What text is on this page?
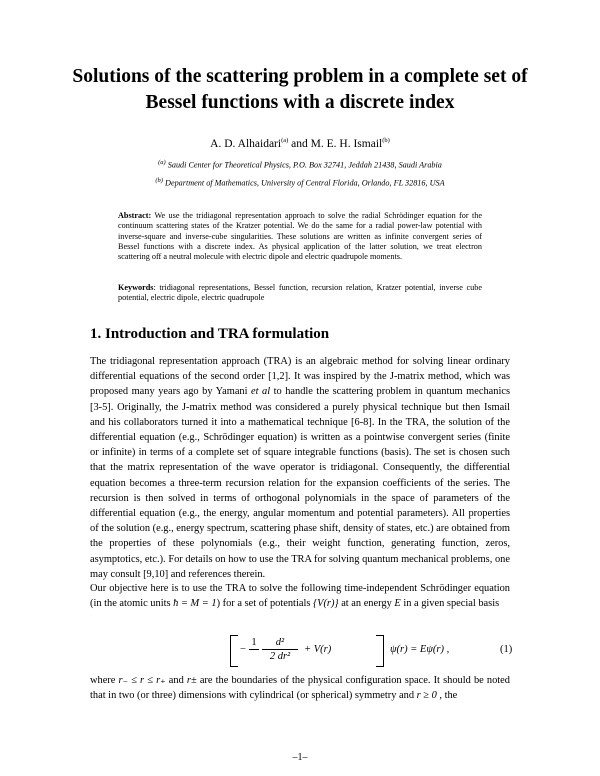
Solutions of the scattering problem in a complete set of Bessel functions with a discrete index
A. D. Alhaidari$^{(a)}$ and M. E. H. Ismail$^{(b)}$
$^{(a)}$ Saudi Center for Theoretical Physics, P.O. Box 32741, Jeddah 21438, Saudi Arabia
$^{(b)}$ Department of Mathematics, University of Central Florida, Orlando, FL 32816, USA
Abstract: We use the tridiagonal representation approach to solve the radial Schrödinger equation for the continuum scattering states of the Kratzer potential. We do the same for a radial power-law potential with inverse-square and inverse-cube singularities. These solutions are written as infinite convergent series of Bessel functions with a discrete index. As physical application of the latter solution, we treat electron scattering off a neutral molecule with electric dipole and electric quadrupole moments.
Keywords: tridiagonal representations, Bessel function, recursion relation, Kratzer potential, inverse cube potential, electric dipole, electric quadrupole
1. Introduction and TRA formulation
The tridiagonal representation approach (TRA) is an algebraic method for solving linear ordinary differential equations of the second order [1,2]. It was inspired by the J-matrix method, which was proposed many years ago by Yamani et al to handle the scattering problem in quantum mechanics [3-5]. Originally, the J-matrix method was considered a purely physical technique but then Ismail and his collaborators turned it into a mathematical technique [6-8]. In the TRA, the solution of the differential equation (e.g., Schrödinger equation) is written as a pointwise convergent series (finite or infinite) in terms of a complete set of square integrable functions (basis). The set is chosen such that the matrix representation of the wave operator is tridiagonal. Consequently, the differential equation becomes a three-term recursion relation for the expansion coefficients of the series. The recursion is then solved in terms of orthogonal polynomials in the space of parameters of the differential equation (e.g., the energy, angular momentum and potential parameters). All properties of the solution (e.g., energy spectrum, scattering phase shift, density of states, etc.) are obtained from the properties of these polynomials (e.g., their weight function, generating function, zeros, asymptotics, etc.). For details on how to use the TRA for solving quantum mechanical problems, one may consult [9,10] and references therein.
Our objective here is to use the TRA to solve the following time-independent Schrödinger equation (in the atomic units ħ = M = 1) for a set of potentials {V(r)} at an energy E in a given special basis
−
$1 \frac{\text{d²}}{\text{2 dr²}} + V(r)$	ψ(r) = Eψ(r) ,	(1)
where r₋ ≤ r ≤ r₊ and r± are the boundaries of the physical configuration space. It should be noted that in two (or three) dimensions with cylindrical (or spherical) symmetry and r ≥ 0 , the
–1–
